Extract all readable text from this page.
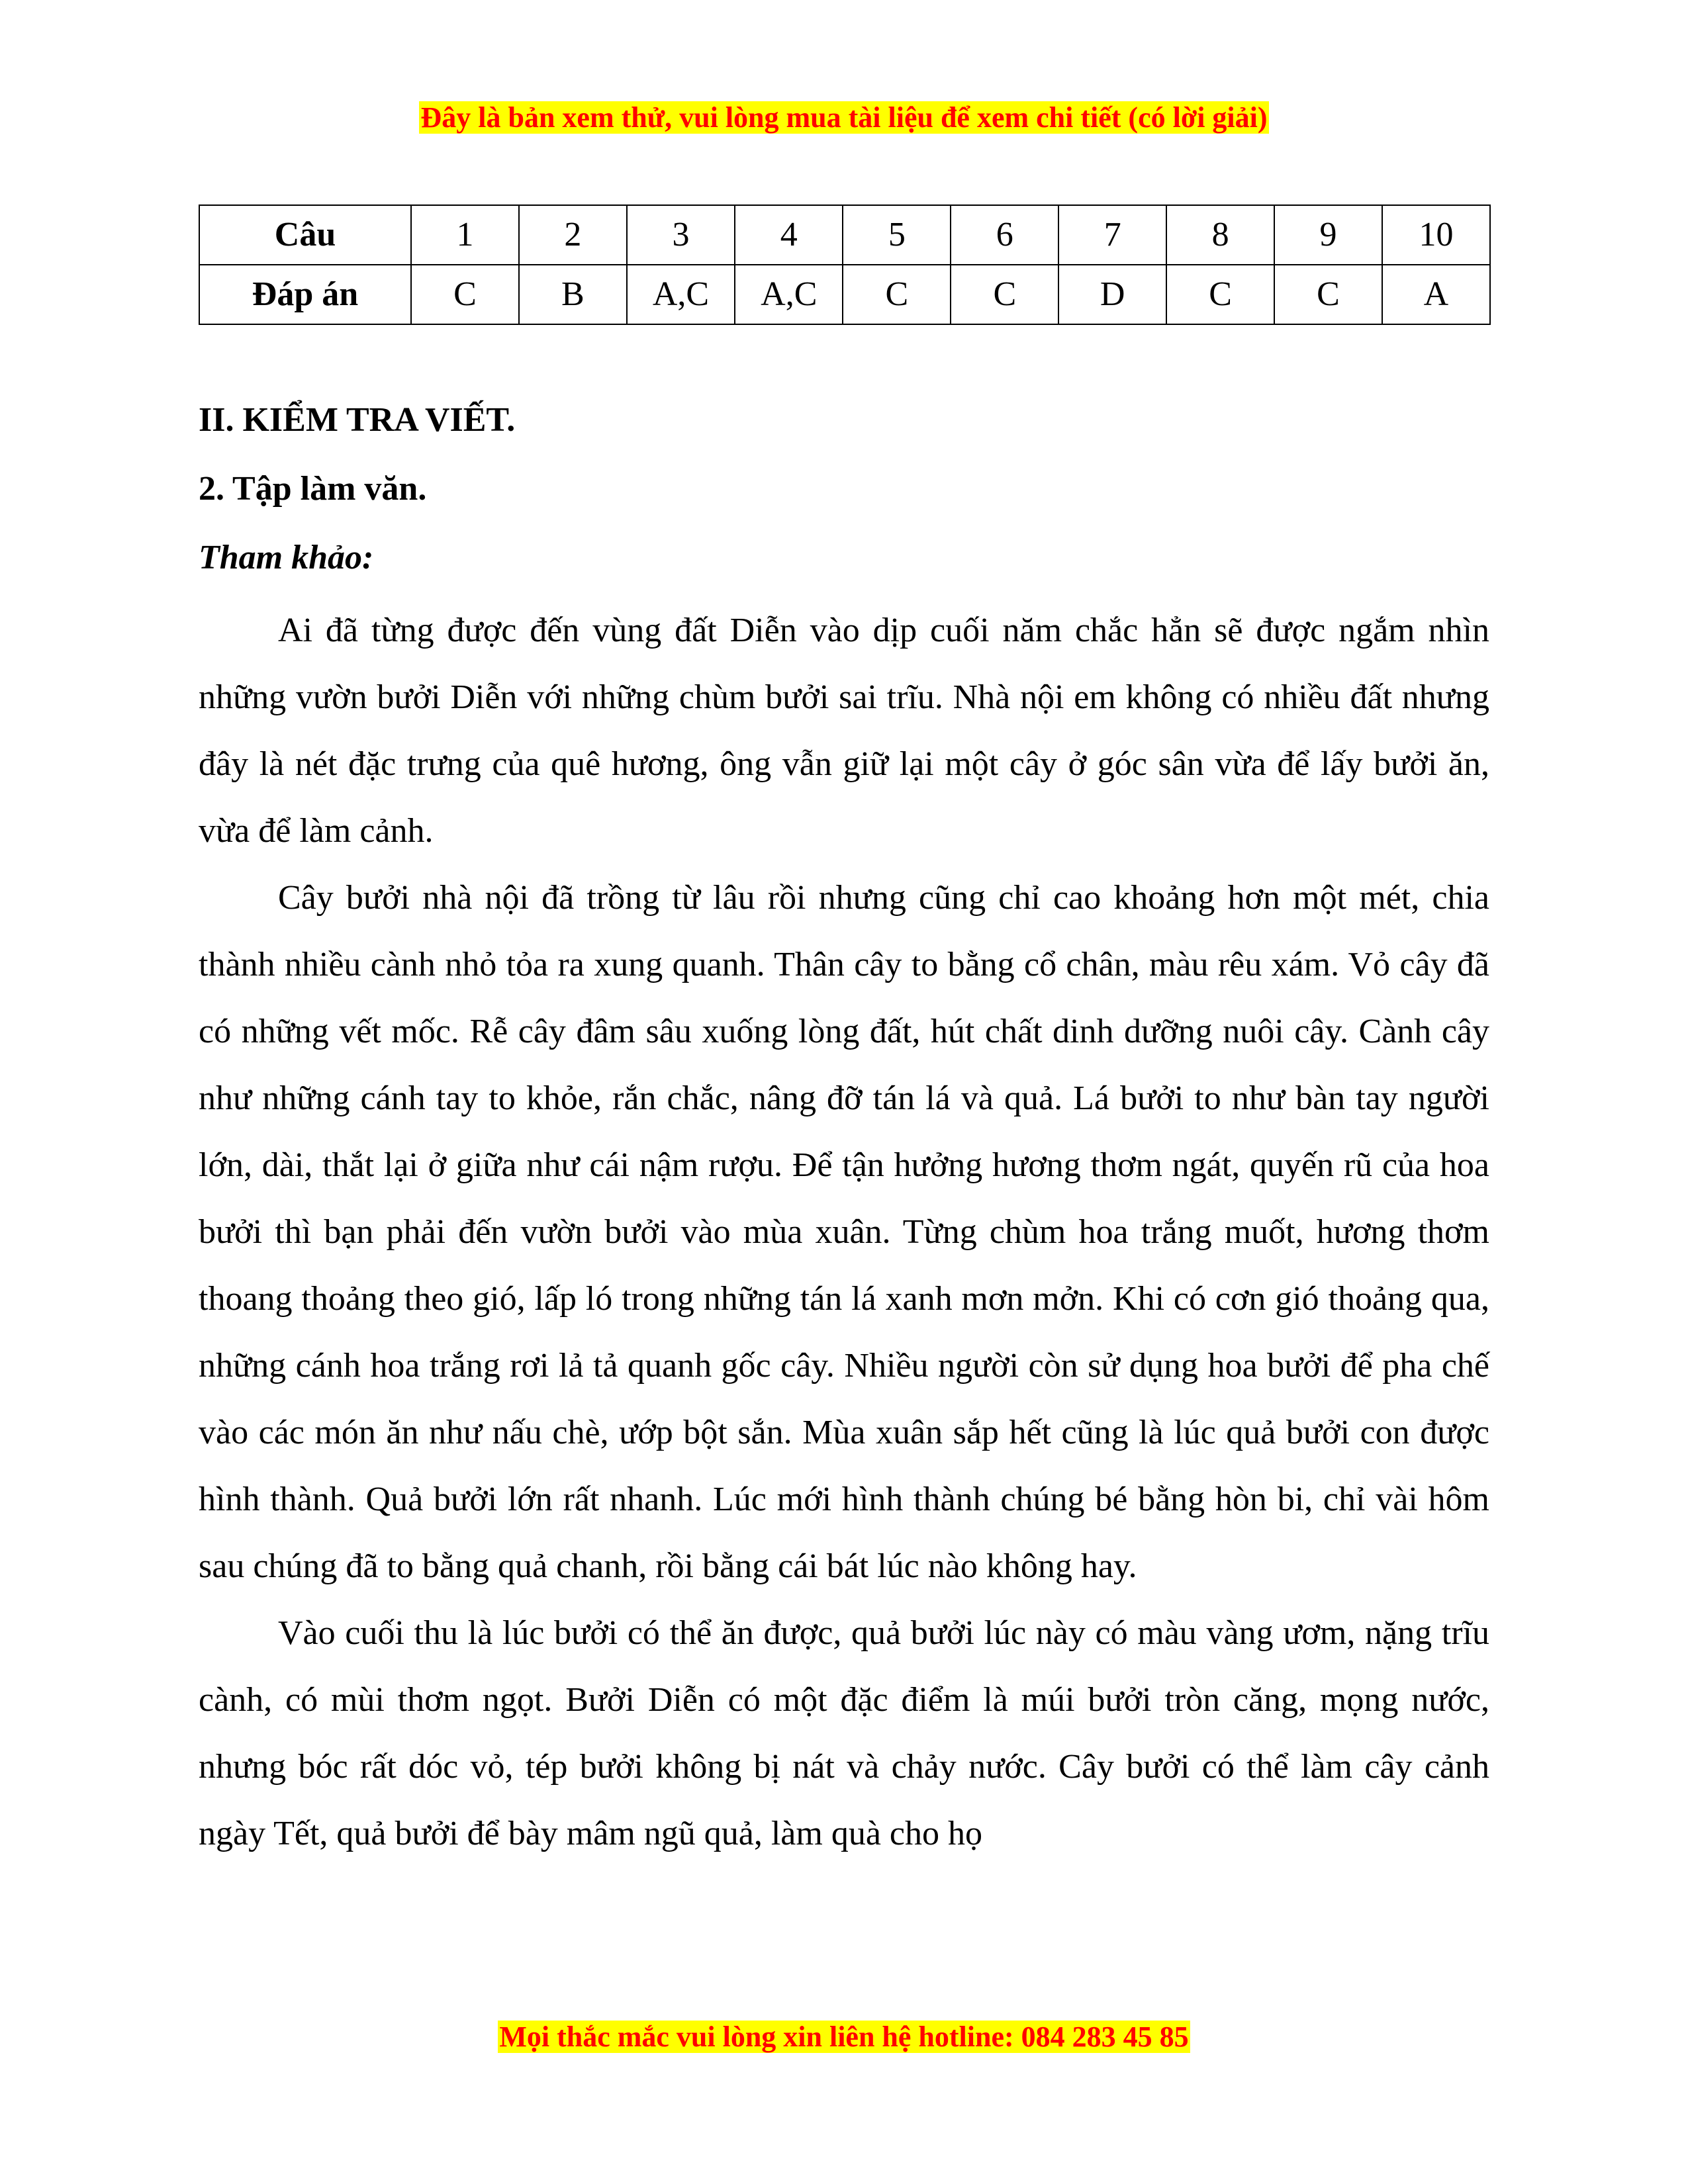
Đây là bản xem thử, vui lòng mua tài liệu để xem chi tiết (có lời giải)
Câu	1	2	3	4	5	6	7	8	9	10
Đáp án	C	B	A,C	A,C	C	C	D	C	C	A
II. KIỂM TRA VIẾT.
2. Tập làm văn.
Tham khảo:

Ai đã từng được đến vùng đất Diễn vào dịp cuối năm chắc hẳn sẽ được ngắm nhìn những vườn bưởi Diễn với những chùm bưởi sai trĩu. Nhà nội em không có nhiều đất nhưng đây là nét đặc trưng của quê hương, ông vẫn giữ lại một cây ở góc sân vừa để lấy bưởi ăn, vừa để làm cảnh.

Cây bưởi nhà nội đã trồng từ lâu rồi nhưng cũng chỉ cao khoảng hơn một mét, chia thành nhiều cành nhỏ tỏa ra xung quanh. Thân cây to bằng cổ chân, màu rêu xám. Vỏ cây đã có những vết mốc. Rễ cây đâm sâu xuống lòng đất, hút chất dinh dưỡng nuôi cây. Cành cây như những cánh tay to khỏe, rắn chắc, nâng đỡ tán lá và quả. Lá bưởi to như bàn tay người lớn, dài, thắt lại ở giữa như cái nậm rượu. Để tận hưởng hương thơm ngát, quyến rũ của hoa bưởi thì bạn phải đến vườn bưởi vào mùa xuân. Từng chùm hoa trắng muốt, hương thơm thoang thoảng theo gió, lấp ló trong những tán lá xanh mơn mởn. Khi có cơn gió thoảng qua, những cánh hoa trắng rơi lả tả quanh gốc cây. Nhiều người còn sử dụng hoa bưởi để pha chế vào các món ăn như nấu chè, ướp bột sắn. Mùa xuân sắp hết cũng là lúc quả bưởi con được hình thành. Quả bưởi lớn rất nhanh. Lúc mới hình thành chúng bé bằng hòn bi, chỉ vài hôm sau chúng đã to bằng quả chanh, rồi bằng cái bát lúc nào không hay.

Vào cuối thu là lúc bưởi có thể ăn được, quả bưởi lúc này có màu vàng ươm, nặng trĩu cành, có mùi thơm ngọt. Bưởi Diễn có một đặc điểm là múi bưởi tròn căng, mọng nước, nhưng bóc rất dóc vỏ, tép bưởi không bị nát và chảy nước. Cây bưởi có thể làm cây cảnh ngày Tết, quả bưởi để bày mâm ngũ quả, làm quà cho họ

Mọi thắc mắc vui lòng xin liên hệ hotline: 084 283 45 85
